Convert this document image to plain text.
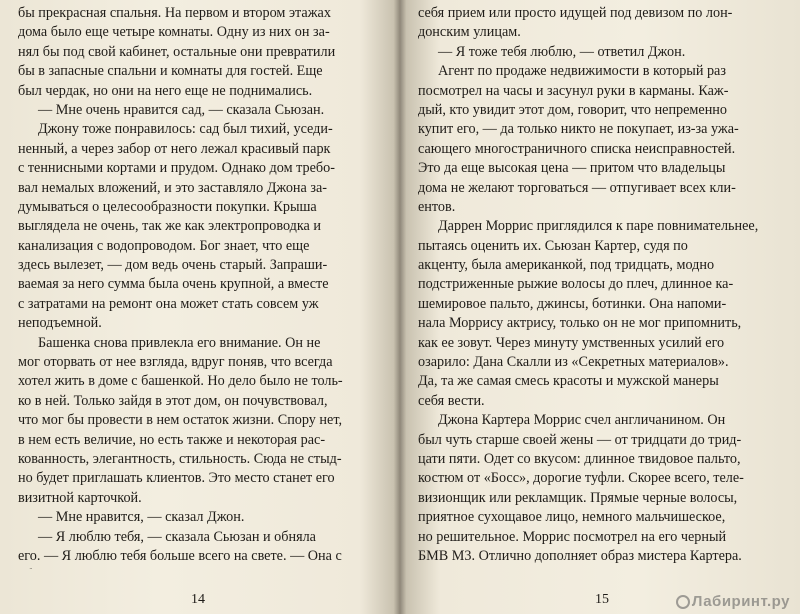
бы прекрасная спальня. На первом и втором этажах
дома было еще четыре комнаты. Одну из них он за-
нял бы под свой кабинет, остальные они превратили
бы в запасные спальни и комнаты для гостей. Еще
был чердак, но они на него еще не поднимались.
— Мне очень нравится сад, — сказала Сьюзан.
Джону тоже понравилось: сад был тихий, уседи-
ненный, а через забор от него лежал красивый парк
с теннисными кортами и прудом. Однако дом требо-
вал немалых вложений, и это заставляло Джона за-
думываться о целесообразности покупки. Крыша
выглядела не очень, так же как электропроводка и
канализация с водопроводом. Бог знает, что еще
здесь вылезет, — дом ведь очень старый. Запраши-
ваемая за него сумма была очень крупной, а вместе
с затратами на ремонт она может стать совсем уж
неподъемной.
Башенка снова привлекла его внимание. Он не
мог оторвать от нее взгляда, вдруг поняв, что всегда
хотел жить в доме с башенкой. Но дело было не толь-
ко в ней. Только зайдя в этот дом, он почувствовал,
что мог бы провести в нем остаток жизни. Спору нет,
в нем есть величие, но есть также и некоторая рас-
кованность, элегантность, стильность. Сюда не стыд-
но будет приглашать клиентов. Это место станет его
визитной карточкой.
— Мне нравится, — сказал Джон.
— Я люблю тебя, — сказала Сьюзан и обняла
его. — Я люблю тебя больше всего на свете. — Она с
14
себя прием или просто идущей под девизом по лон-
донским улицам.
— Я тоже тебя люблю, — ответил Джон.
Агент по продаже недвижимости в который раз
посмотрел на часы и засунул руки в карманы. Каж-
дый, кто увидит этот дом, говорит, что непременно
купит его, — да только никто не покупает, из-за ужа-
сающего многостраничного списка неисправностей.
Это да еще высокая цена — притом что владельцы
дома не желают торговаться — отпугивает всех кли-
ентов.
Даррен Моррис приглядился к паре повнимательнее,
пытаясь оценить их. Сьюзан Картер, судя по
акценту, была американкой, под тридцать, модно
подстриженные рыжие волосы до плеч, длинное ка-
шемировое пальто, джинсы, ботинки. Она напоми-
нала Моррису актрису, только он не мог припомнить,
как ее зовут. Через минуту умственных усилий его
озарило: Дана Скалли из «Секретных материалов».
Да, та же самая смесь красоты и мужской манеры
себя вести.
Джона Картера Моррис счел англичанином. Он
был чуть старше своей жены — от тридцати до трид-
цати пяти. Одет со вкусом: длинное твидовое пальто,
костюм от «Босс», дорогие туфли. Скорее всего, теле-
визионщик или рекламщик. Прямые черные волосы,
приятное сухощавое лицо, немного мальчишеское,
но решительное. Моррис посмотрел на его черный
БМВ М3. Отлично дополняет образ мистера Картера.
15	Лабиринт.ру
